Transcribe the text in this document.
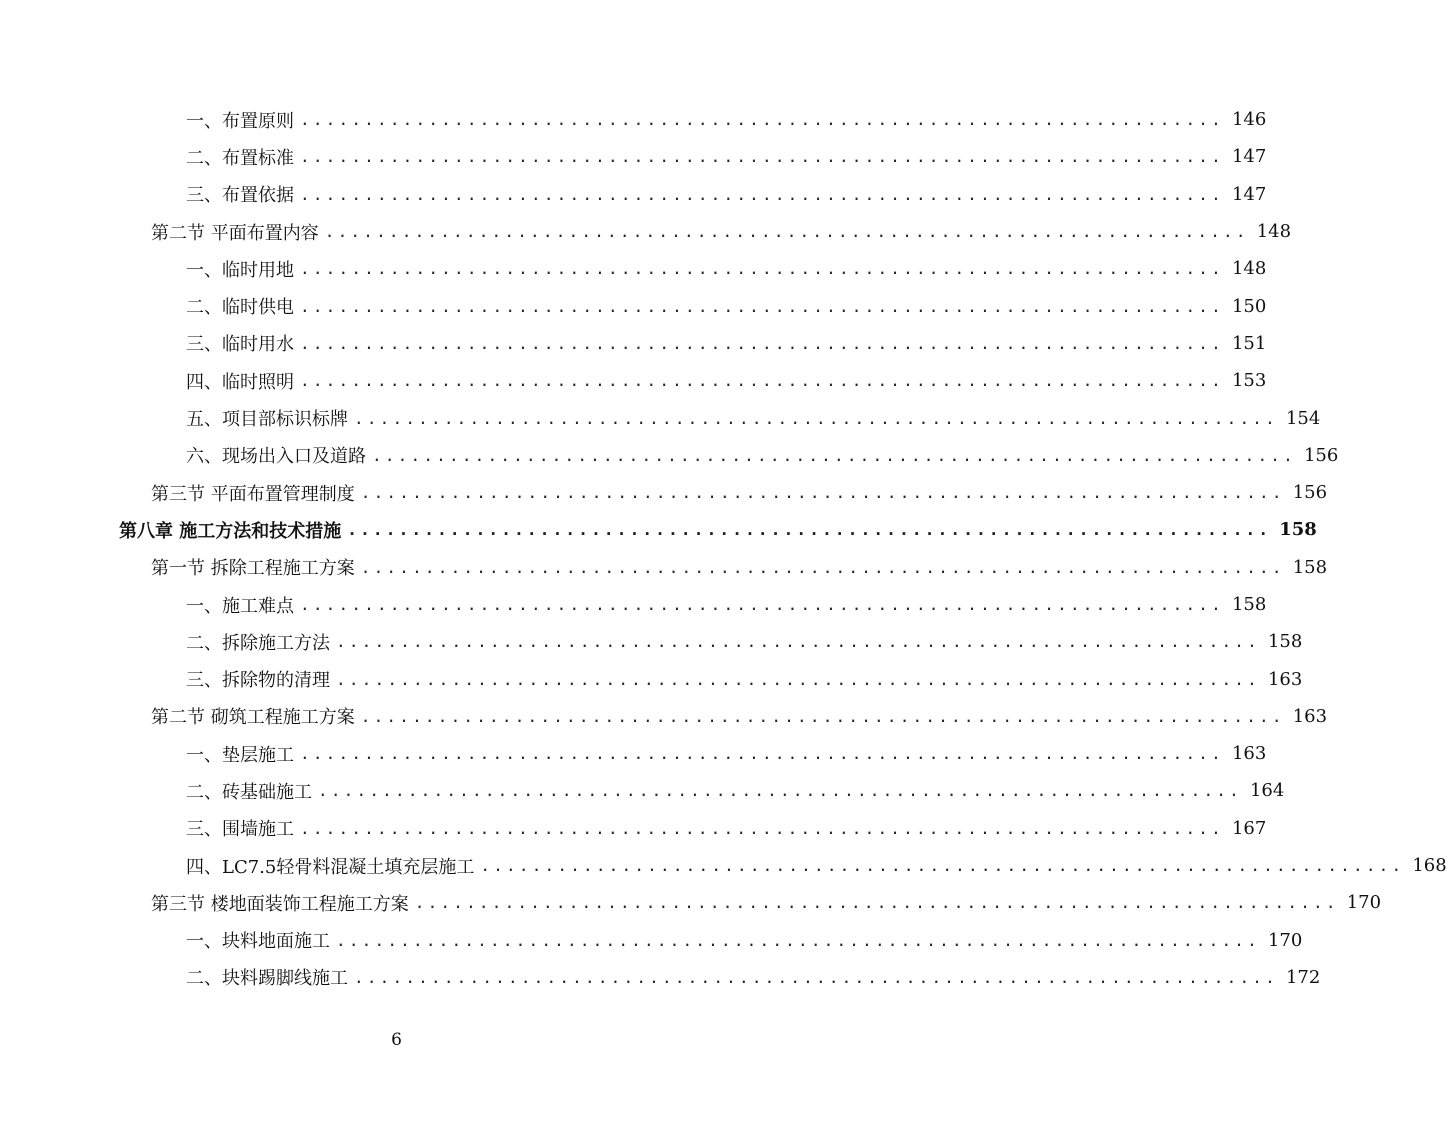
一、布置原则 ........................................................................ 146
二、布置标准 ........................................................................ 147
三、布置依据 ........................................................................ 147
第二节 平面布置内容 ........................................................................ 148
一、临时用地 ........................................................................ 148
二、临时供电 ........................................................................ 150
三、临时用水 ........................................................................ 151
四、临时照明 ........................................................................ 153
五、项目部标识标牌 ........................................................................ 154
六、现场出入口及道路 ........................................................................ 156
第三节 平面布置管理制度 ........................................................................ 156
第八章 施工方法和技术措施 ........................................................................ 158
第一节 拆除工程施工方案 ........................................................................ 158
一、施工难点 ........................................................................ 158
二、拆除施工方法 ........................................................................ 158
三、拆除物的清理 ........................................................................ 163
第二节 砌筑工程施工方案 ........................................................................ 163
一、垫层施工 ........................................................................ 163
二、砖基础施工 ........................................................................ 164
三、围墙施工 ........................................................................ 167
四、LC7.5轻骨料混凝土填充层施工 ........................................................................ 168
第三节 楼地面装饰工程施工方案 ........................................................................ 170
一、块料地面施工 ........................................................................ 170
二、块料踢脚线施工 ........................................................................ 172
6
